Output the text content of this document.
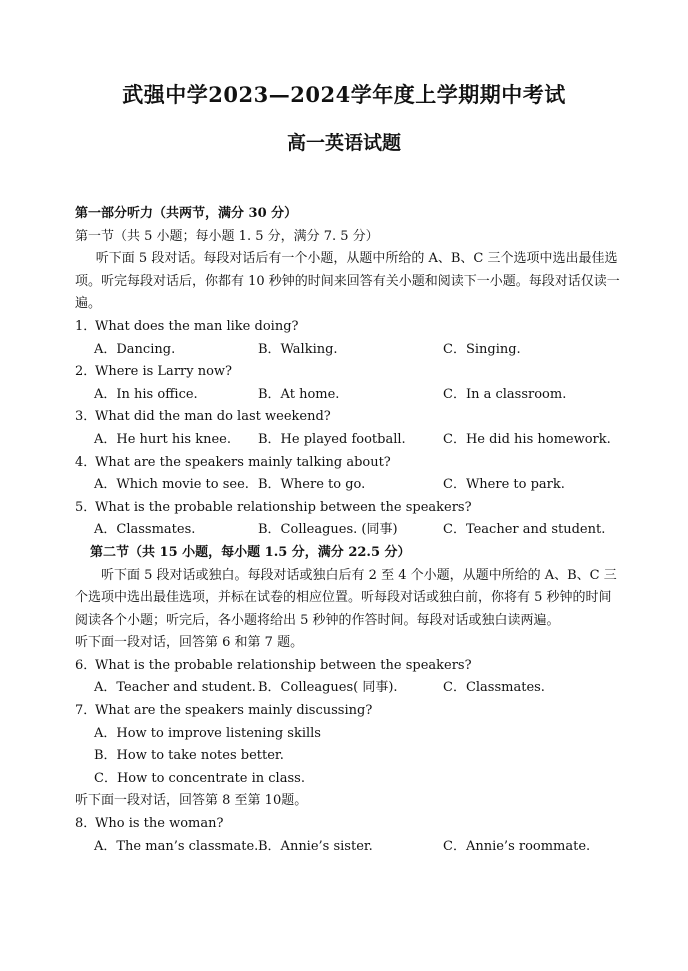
武强中学2023—2024学年度上学期期中考试
高一英语试题
第一部分听力（共两节，满分 30 分）
第一节（共 5 小题；每小题 1. 5 分，满分 7. 5 分）
听下面 5 段对话。每段对话后有一个小题，从题中所给的 A、B、C 三个选项中选出最佳选项。听完每段对话后，你都有 10 秒钟的时间来回答有关小题和阅读下一小题。每段对话仅读一遍。
1．What does the man like doing?
A．Dancing.	B．Walking.	C．Singing.
2．Where is Larry now?
A．In his office.	B．At home.	C．In a classroom.
3．What did the man do last weekend?
A．He hurt his knee. B．He played football.	C．He did his homework.
4．What are the speakers mainly talking about?
A．Which movie to see. B．Where to go.	C．Where to park.
5．What is the probable relationship between the speakers?
A．Classmates.	B．Colleagues. (同事)	C．Teacher and student.
第二节（共 15 小题，每小题 1.5 分，满分 22.5 分）
听下面 5 段对话或独白。每段对话或独白后有 2 至 4 个小题，从题中所给的 A、B、C 三个选项中选出最佳选项，并标在试卷的相应位置。听每段对话或独白前，你将有 5 秒钟的时间阅读各个小题；听完后，各小题将给出 5 秒钟的作答时间。每段对话或独白读两遍。
听下面一段对话，回答第 6 和第 7 题。
6．What is the probable relationship between the speakers?
A．Teacher and student. B．Colleagues( 同事).	C．Classmates.
7．What are the speakers mainly discussing?
A．How to improve listening skills
B．How to take notes better.
C．How to concentrate in class.
听下面一段对话，回答第 8 至第 10题。
8．Who is the woman?
A．The man’s classmate. B．Annie’s sister.	C．Annie’s roommate.
